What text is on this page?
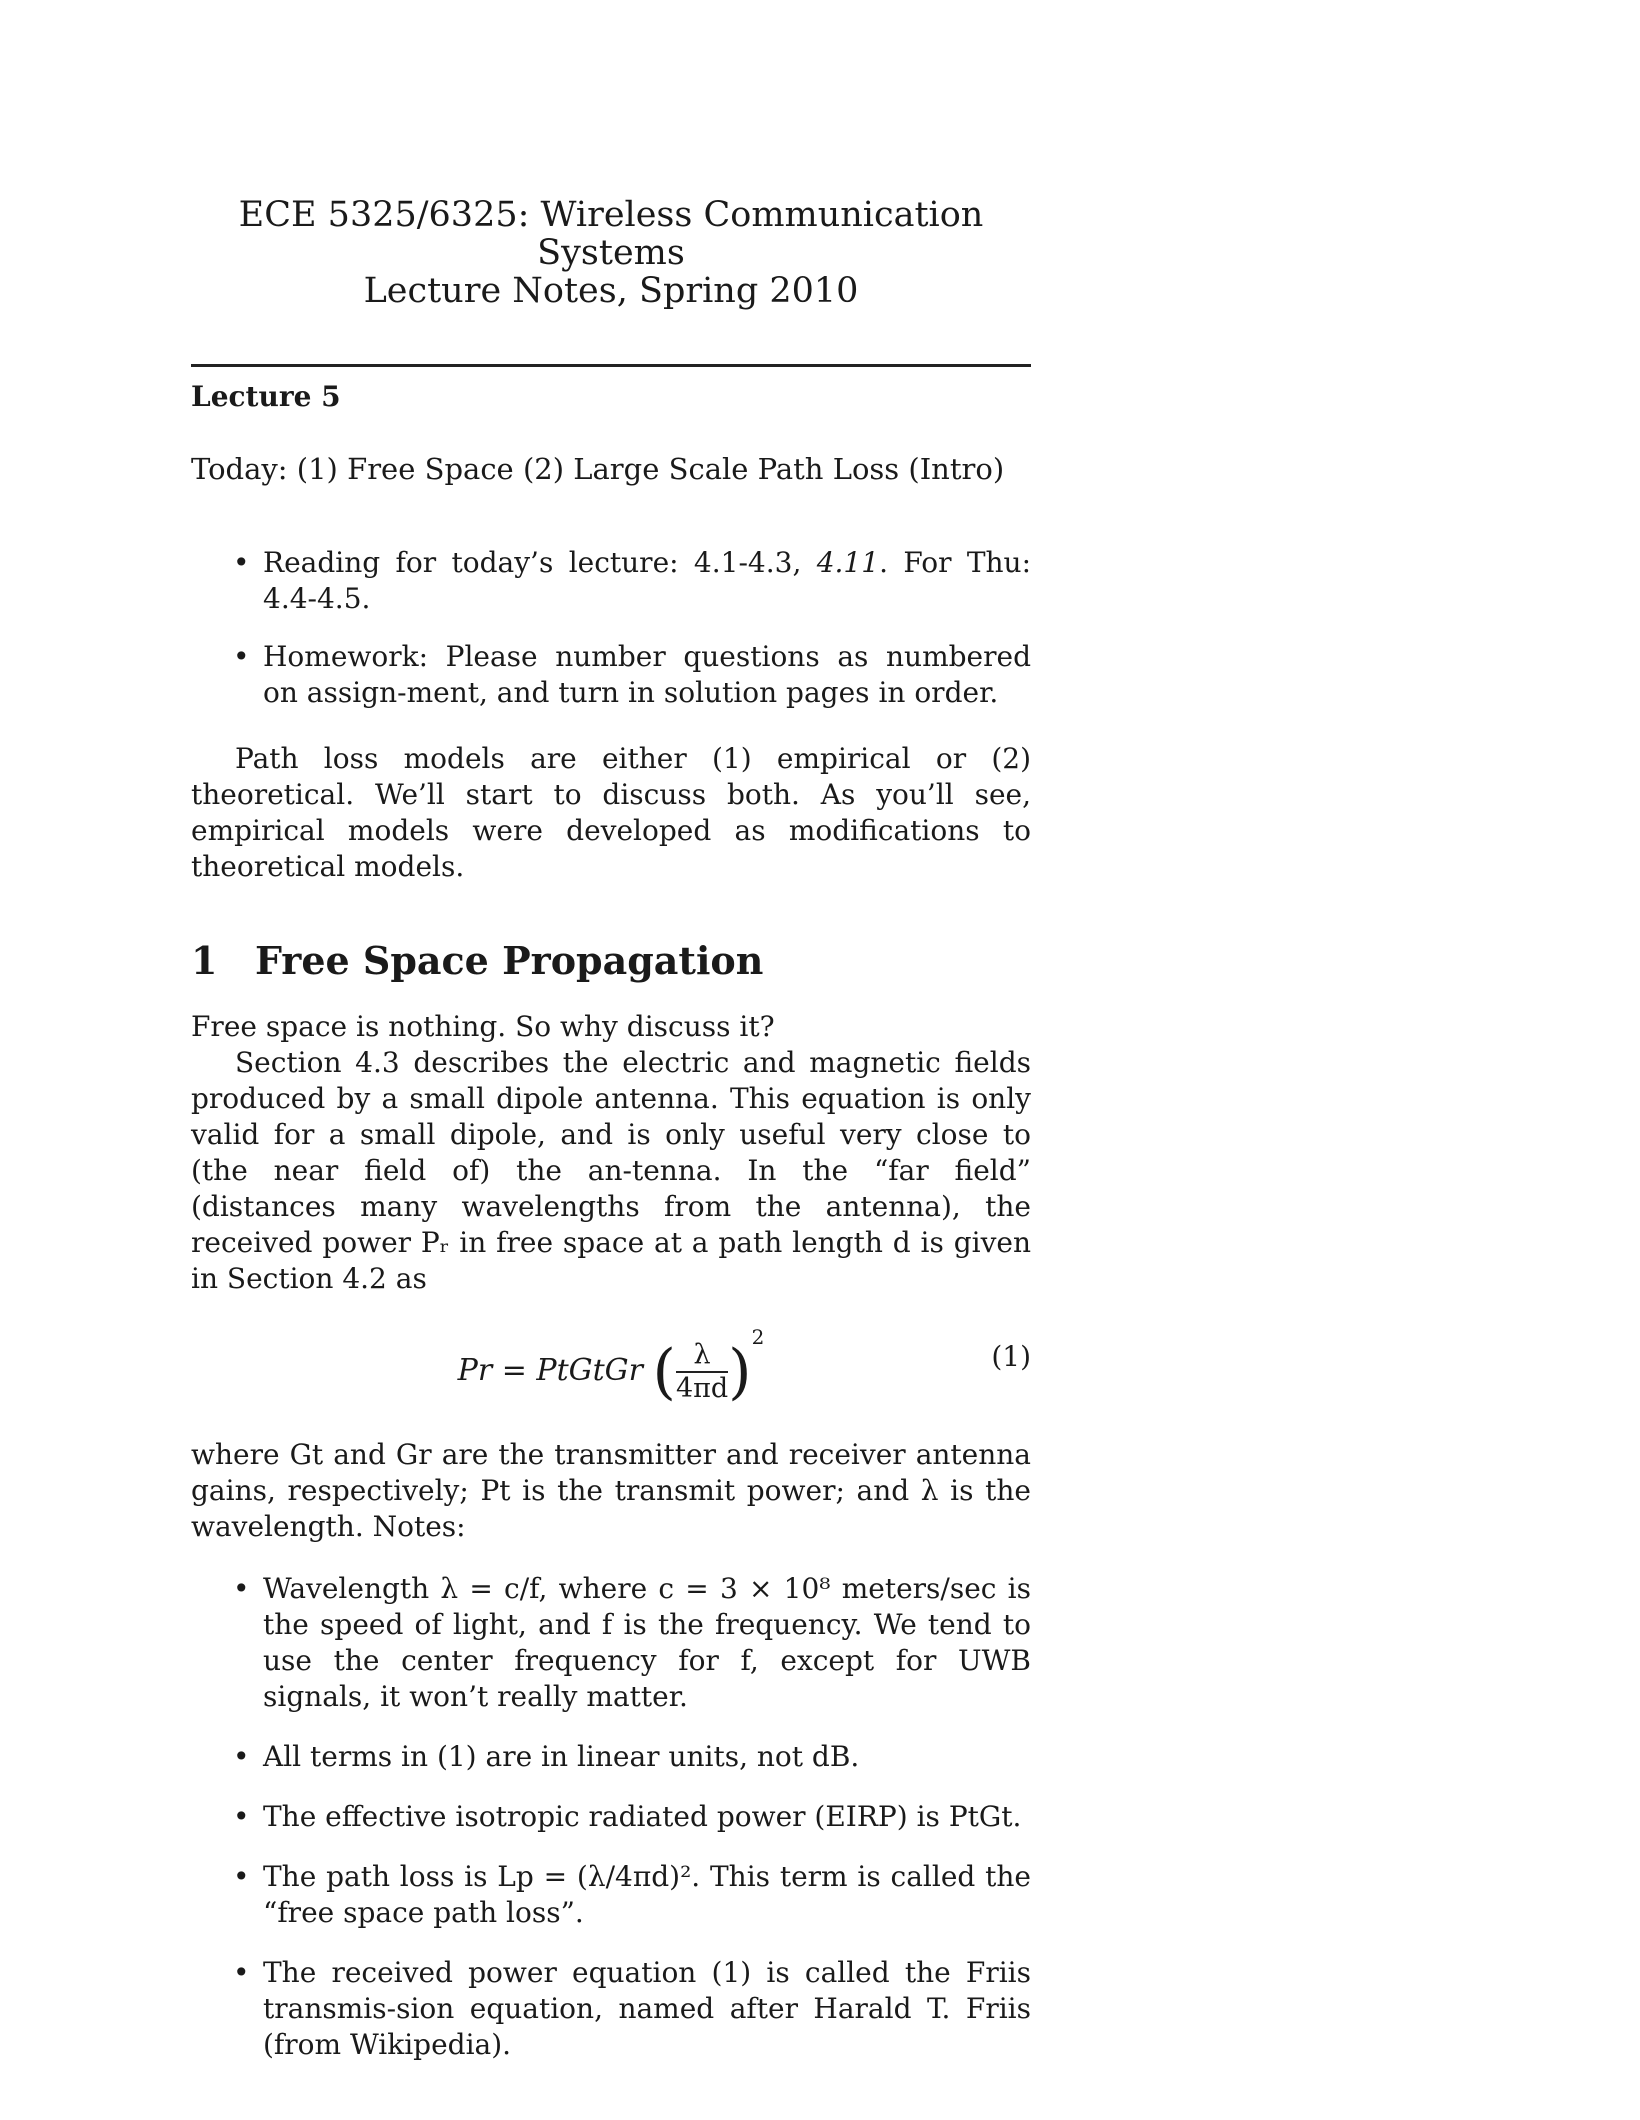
ECE 5325/6325: Wireless Communication Systems
Lecture Notes, Spring 2010
Lecture 5
Today: (1) Free Space (2) Large Scale Path Loss (Intro)
• Reading for today’s lecture: 4.1-4.3, 4.11. For Thu: 4.4-4.5.
• Homework: Please number questions as numbered on assign-ment, and turn in solution pages in order.

Path loss models are either (1) empirical or (2) theoretical. We’ll start to discuss both. As you’ll see, empirical models were developed as modifications to theoretical models.

1 Free Space Propagation

Free space is nothing. So why discuss it?

Section 4.3 describes the electric and magnetic fields produced by a small dipole antenna. This equation is only valid for a small dipole, and is only useful very close to (the near field of) the an-tenna. In the “far field” (distances many wavelengths from the antenna), the received power Pᵣ in free space at a path length d is given in Section 4.2 as

Pr = PtGtGr ( $\frac{\lambda}{4\pi d})^2$
(1)

where Gt and Gr are the transmitter and receiver antenna gains, respectively; Pt is the transmit power; and λ is the wavelength. Notes:

• Wavelength λ = c/f, where c = 3 × 10⁸ meters/sec is the speed of light, and f is the frequency. We tend to use the center frequency for f, except for UWB signals, it won’t really matter.
• All terms in (1) are in linear units, not dB.
• The effective isotropic radiated power (EIRP) is PtGt.
• The path loss is Lp = (λ/4πd)². This term is called the “free space path loss”.
• The received power equation (1) is called the Friis transmis-sion equation, named after Harald T. Friis (from Wikipedia).
